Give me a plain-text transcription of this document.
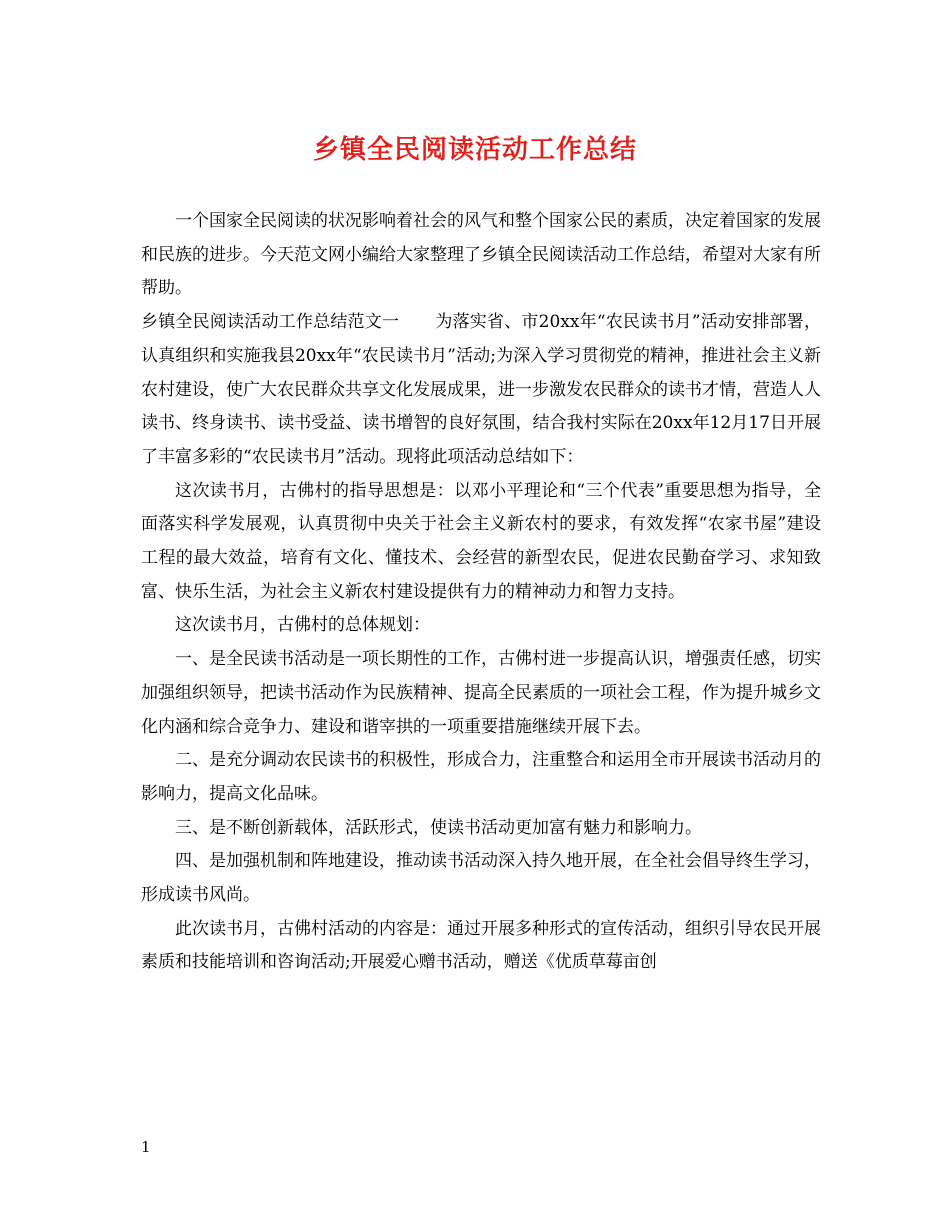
乡镇全民阅读活动工作总结

一个国家全民阅读的状况影响着社会的风气和整个国家公民的素质，决定着国家的发展和民族的进步。今天范文网小编给大家整理了乡镇全民阅读活动工作总结，希望对大家有所帮助。

乡镇全民阅读活动工作总结范文一 为落实省、市20xx年“农民读书月”活动安排部署，认真组织和实施我县20xx年“农民读书月”活动;为深入学习贯彻党的精神，推进社会主义新农村建设，使广大农民群众共享文化发展成果，进一步激发农民群众的读书才情，营造人人读书、终身读书、读书受益、读书增智的良好氛围，结合我村实际在20xx年12月17日开展了丰富多彩的“农民读书月”活动。现将此项活动总结如下：

这次读书月，古佛村的指导思想是：以邓小平理论和“三个代表”重要思想为指导，全面落实科学发展观，认真贯彻中央关于社会主义新农村的要求，有效发挥“农家书屋”建设工程的最大效益，培育有文化、懂技术、会经营的新型农民，促进农民勤奋学习、求知致富、快乐生活，为社会主义新农村建设提供有力的精神动力和智力支持。

这次读书月，古佛村的总体规划：

一、是全民读书活动是一项长期性的工作，古佛村进一步提高认识，增强责任感，切实加强组织领导，把读书活动作为民族精神、提高全民素质的一项社会工程，作为提升城乡文化内涵和综合竞争力、建设和谐宰拱的一项重要措施继续开展下去。

二、是充分调动农民读书的积极性，形成合力，注重整合和运用全市开展读书活动月的影响力，提高文化品味。

三、是不断创新载体，活跃形式，使读书活动更加富有魅力和影响力。

四、是加强机制和阵地建设，推动读书活动深入持久地开展，在全社会倡导终生学习，形成读书风尚。

此次读书月，古佛村活动的内容是：通过开展多种形式的宣传活动，组织引导农民开展素质和技能培训和咨询活动;开展爱心赠书活动，赠送《优质草莓亩创

1
